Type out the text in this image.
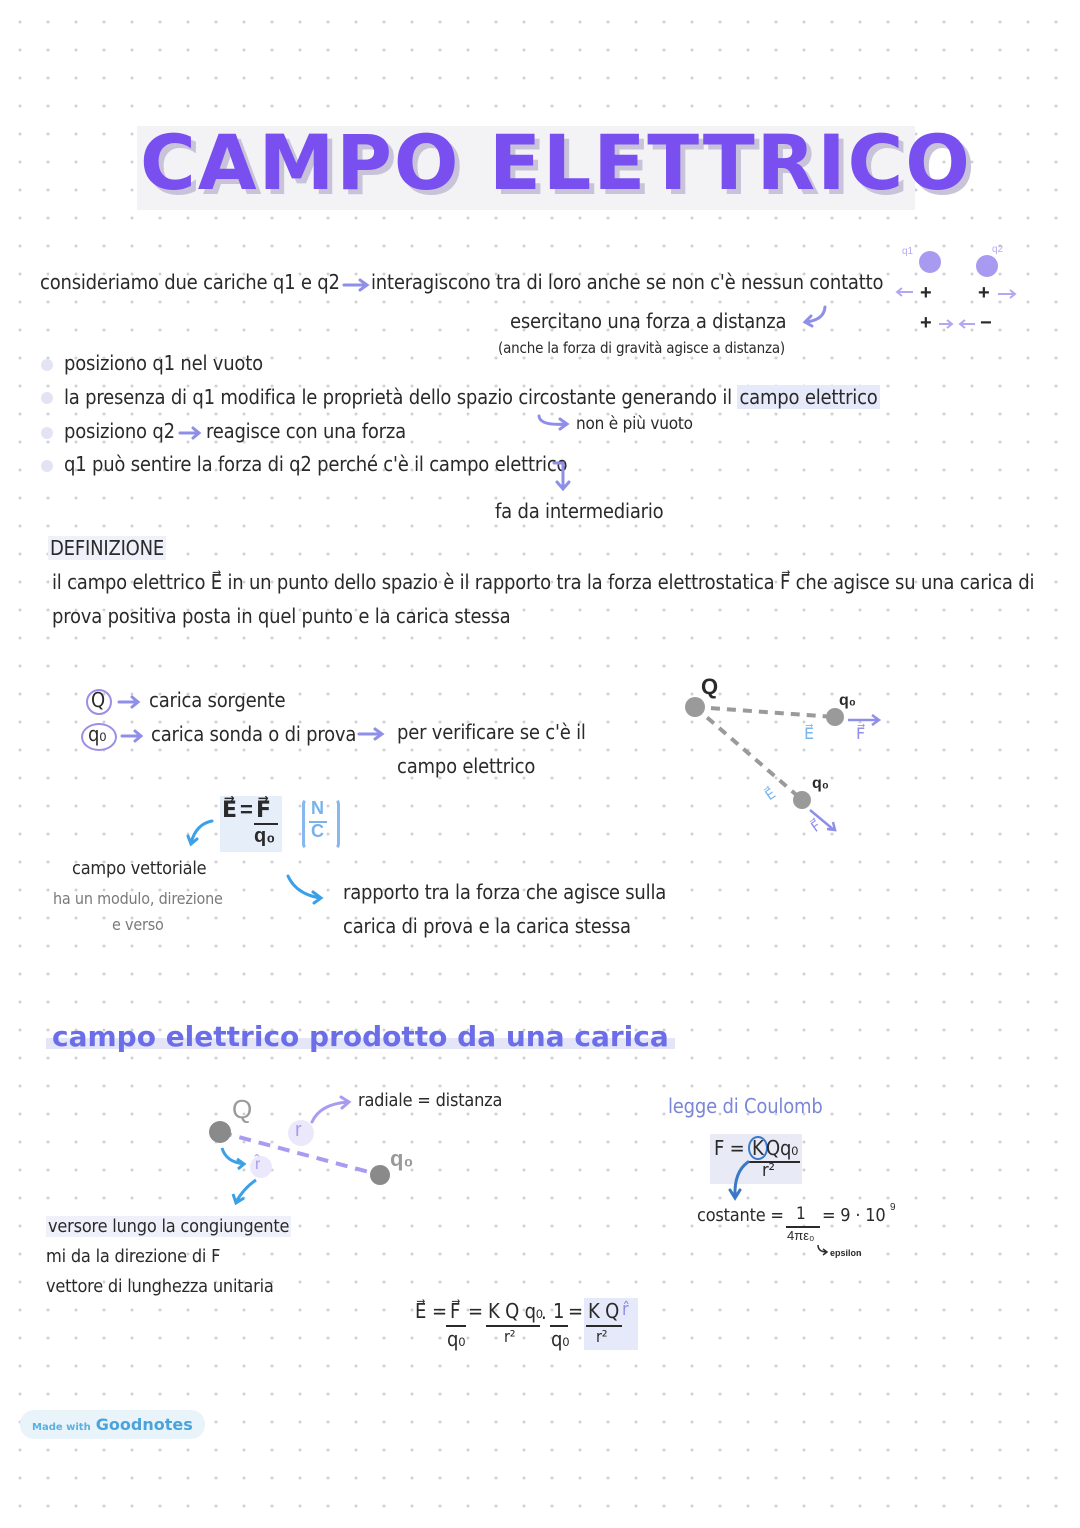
CAMPO ELETTRICO
consideriamo due cariche q1 e q2 interagiscono tra di loro anche se non c'è nessun contatto
esercitano una forza a distanza
(anche la forza di gravità agisce a distanza)
q1	q2
+ +
+ −
posiziono q1 nel vuoto
la presenza di q1 modifica le proprietà dello spazio circostante generando il campo elettrico
posiziono q2 reagisce con una forza	non è più vuoto
q1 può sentire la forza di q2 perché c'è il campo elettrico
fa da intermediario
DEFINIZIONE
il campo elettrico E⃗ in un punto dello spazio è il rapporto tra la forza elettrostatica F⃗ che agisce su una carica di
prova positiva posta in quel punto e la carica stessa
Q carica sorgente
q₀ carica sonda o di prova per verificare se c'è il
campo elettrico
E⃗ = F⃗
q₀
N
C
campo vettoriale
ha un modulo, direzione
e verso
rapporto tra la forza che agisce sulla
carica di prova e la carica stessa
Q
q₀
q₀
E⃗	F⃗
E⃗
F⃗
campo elettrico prodotto da una carica
Q
r
r̂	q₀
radiale = distanza
versore lungo la congiungente
mi da la direzione di F
vettore di lunghezza unitaria
legge di Coulomb
F = K Qq₀
r²
costante = 1
4πε₀
= 9 · 10 9
epsilon
E⃗ = F⃗
q₀
= K Q q₀
r²
· 1
q₀
= K Q r̂
r²
Made with Goodnotes
